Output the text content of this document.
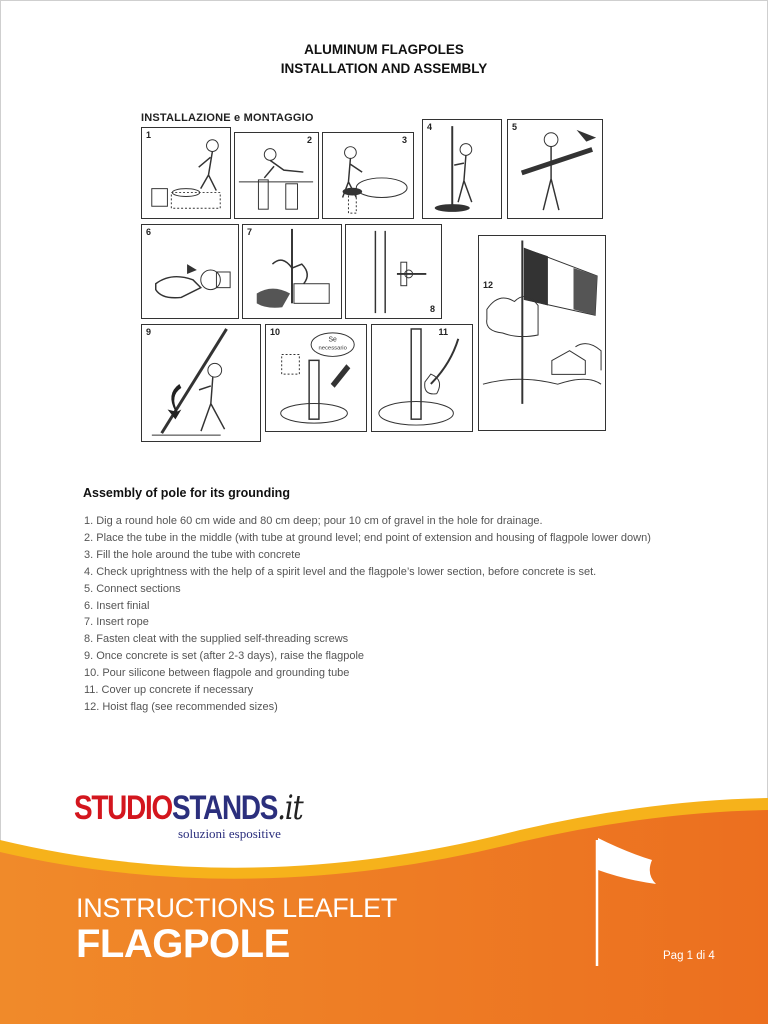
ALUMINUM FLAGPOLES
INSTALLATION AND ASSEMBLY
INSTALLAZIONE e MONTAGGIO
1	2	3
4	5
6	7
8
12
9	10
Se
necessario
11
Assembly of pole for its grounding
1. Dig a round hole 60 cm wide and 80 cm deep; pour 10 cm of gravel in the hole for drainage.
2. Place the tube in the middle (with tube at ground level; end point of extension and housing of flagpole lower down)
3. Fill the hole around the tube with concrete
4. Check uprightness with the help of a spirit level and the flagpole’s lower section, before concrete is set.
5. Connect sections
6. Insert finial
7. Insert rope
8. Fasten cleat with the supplied self-threading screws
9. Once concrete is set (after 2-3 days), raise the flagpole
10. Pour silicone between flagpole and grounding tube
11. Cover up concrete if necessary
12. Hoist flag (see recommended sizes)
STUDIOSTANDS.it
soluzioni espositive
INSTRUCTIONS LEAFLET
FLAGPOLE	Pag 1 di 4
